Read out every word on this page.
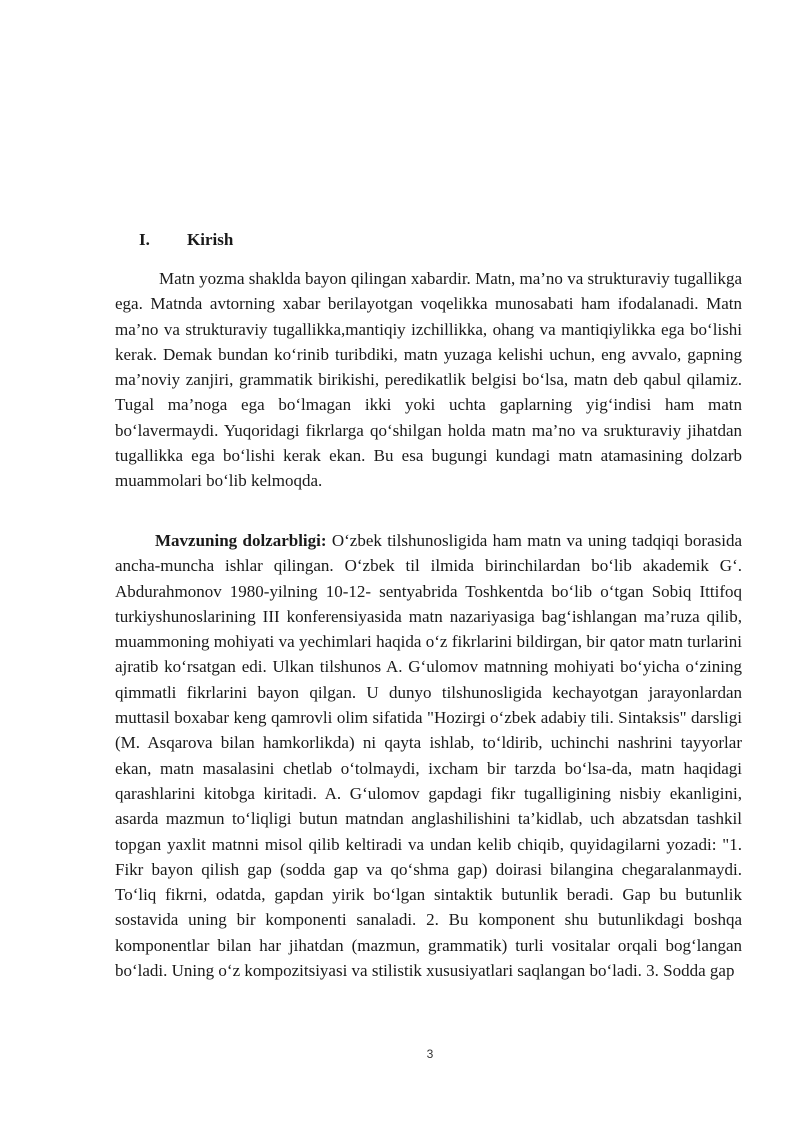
I. Kirish

Matn yozma shaklda bayon qilingan xabardir. Matn, ma’no va strukturaviy tugallikga ega. Matnda avtorning xabar berilayotgan voqelikka munosabati ham ifodalanadi. Matn ma’no va strukturaviy tugallikka,mantiqiy izchillikka, ohang va mantiqiylikka ega bo‘lishi kerak. Demak bundan ko‘rinib turibdiki, matn yuzaga kelishi uchun, eng avvalo, gapning ma’noviy zanjiri, grammatik birikishi, peredikatlik belgisi bo‘lsa, matn deb qabul qilamiz. Tugal ma’noga ega bo‘lmagan ikki yoki uchta gaplarning yig‘indisi ham matn bo‘lavermaydi. Yuqoridagi fikrlarga qo‘shilgan holda matn ma’no va srukturaviy jihatdan tugallikka ega bo‘lishi kerak ekan. Bu esa bugungi kundagi matn atamasining dolzarb muammolari bo‘lib kelmoqda.

Mavzuning dolzarbligi: O‘zbek tilshunosligida ham matn va uning tadqiqi borasida ancha-muncha ishlar qilingan. O‘zbek til ilmida birinchilardan bo‘lib akademik G‘. Abdurahmonov 1980-yilning 10-12- sentyabrida Toshkentda bo‘lib o‘tgan Sobiq Ittifoq turkiyshunoslarining III konferensiyasida matn nazariyasiga bag‘ishlangan ma’ruza qilib, muammoning mohiyati va yechimlari haqida o‘z fikrlarini bildirgan, bir qator matn turlarini ajratib ko‘rsatgan edi. Ulkan tilshunos A. G‘ulomov matnning mohiyati bo‘yicha o‘zining qimmatli fikrlarini bayon qilgan. U dunyo tilshunosligida kechayotgan jarayonlardan muttasil boxabar keng qamrovli olim sifatida "Hozirgi o‘zbek adabiy tili. Sintaksis" darsligi (M. Asqarova bilan hamkorlikda) ni qayta ishlab, to‘ldirib, uchinchi nashrini tayyorlar ekan, matn masalasini chetlab o‘tolmaydi, ixcham bir tarzda bo‘lsa-da, matn haqidagi qarashlarini kitobga kiritadi. A. G‘ulomov gapdagi fikr tugalligining nisbiy ekanligini, asarda mazmun to‘liqligi butun matndan anglashilishini ta’kidlab, uch abzatsdan tashkil topgan yaxlit matnni misol qilib keltiradi va undan kelib chiqib, quyidagilarni yozadi: "1. Fikr bayon qilish gap (sodda gap va qo‘shma gap) doirasi bilangina chegaralanmaydi. To‘liq fikrni, odatda, gapdan yirik bo‘lgan sintaktik butunlik beradi. Gap bu butunlik sostavida uning bir komponenti sanaladi. 2. Bu komponent shu butunlikdagi boshqa komponentlar bilan har jihatdan (mazmun, grammatik) turli vositalar orqali bog‘langan bo‘ladi. Uning o‘z kompozitsiyasi va stilistik xususiyatlari saqlangan bo‘ladi. 3. Sodda gap

3
